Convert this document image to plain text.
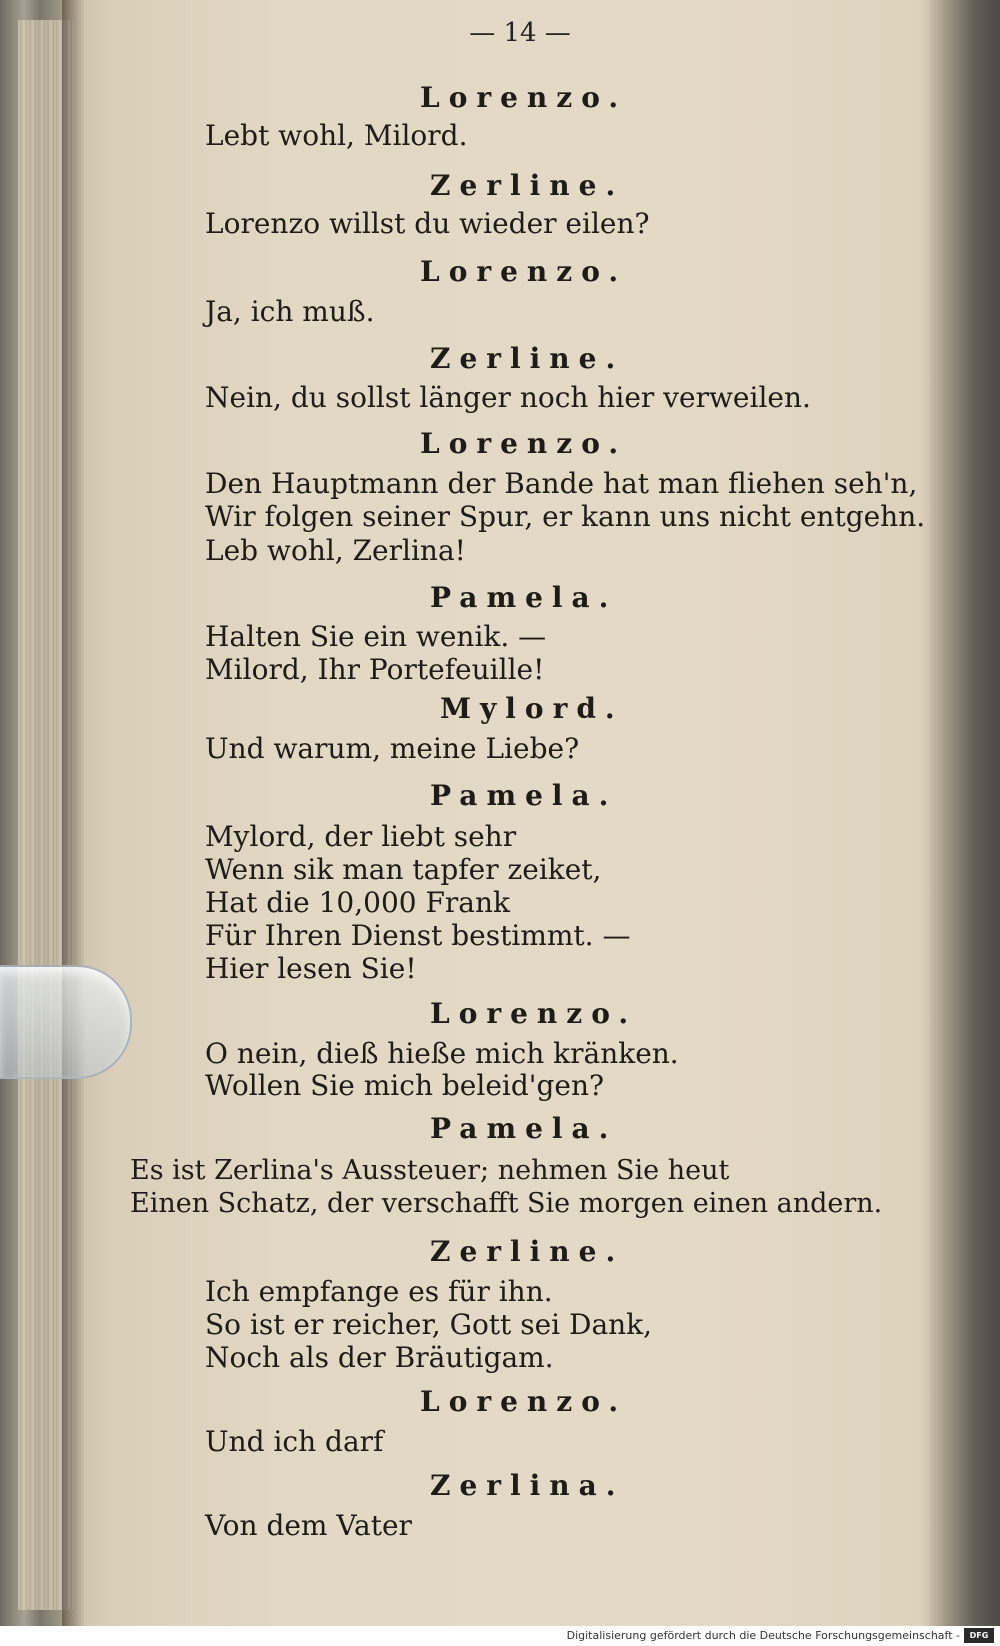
— 14 —
Lorenzo.
Lebt wohl, Milord.
Zerline.
Lorenzo willst du wieder eilen?
Lorenzo.
Ja, ich muß.
Zerline.
Nein, du sollst länger noch hier verweilen.
Lorenzo.
Den Hauptmann der Bande hat man fliehen seh'n,
Wir folgen seiner Spur, er kann uns nicht entgehn.
Leb wohl, Zerlina!
Pamela.
Halten Sie ein wenik. —
Milord, Ihr Portefeuille!
Mylord.
Und warum, meine Liebe?
Pamela.
Mylord, der liebt sehr
Wenn sik man tapfer zeiket,
Hat die 10,000 Frank
Für Ihren Dienst bestimmt. —
Hier lesen Sie!
Lorenzo.
O nein, dieß hieße mich kränken.
Wollen Sie mich beleid'gen?
Pamela.
Es ist Zerlina's Aussteuer; nehmen Sie heut
Einen Schatz, der verschafft Sie morgen einen andern.
Zerline.
Ich empfange es für ihn.
So ist er reicher, Gott sei Dank,
Noch als der Bräutigam.
Lorenzo.
Und ich darf
Zerlina.
Von dem Vater
Digitalisierung gefördert durch die Deutsche Forschungsgemeinschaft -	DFG
